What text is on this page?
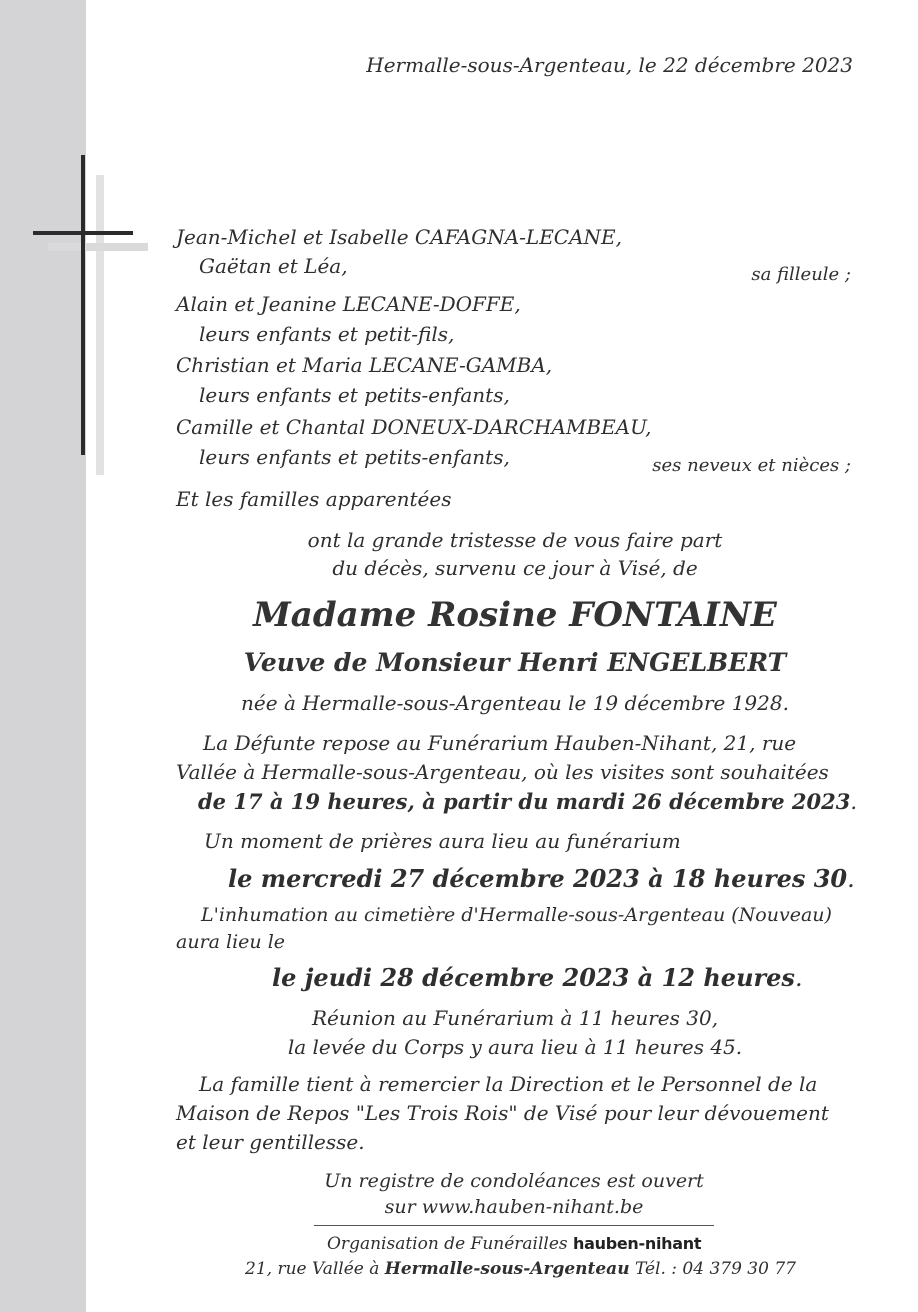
Hermalle-sous-Argenteau, le 22 décembre 2023
Jean-Michel et Isabelle CAFAGNA-LECANE,
Gaëtan et Léa,	sa filleule ;
Alain et Jeanine LECANE-DOFFE,
leurs enfants et petit-fils,
Christian et Maria LECANE-GAMBA,
leurs enfants et petits-enfants,
Camille et Chantal DONEUX-DARCHAMBEAU,
leurs enfants et petits-enfants,	ses neveux et nièces ;
Et les familles apparentées
ont la grande tristesse de vous faire part
du décès, survenu ce jour à Visé, de
Madame Rosine FONTAINE
Veuve de Monsieur Henri ENGELBERT
née à Hermalle-sous-Argenteau le 19 décembre 1928.
La Défunte repose au Funérarium Hauben-Nihant, 21, rue
Vallée à Hermalle-sous-Argenteau, où les visites sont souhaitées
de 17 à 19 heures, à partir du mardi 26 décembre 2023.
Un moment de prières aura lieu au funérarium
le mercredi 27 décembre 2023 à 18 heures 30.
L'inhumation au cimetière d'Hermalle-sous-Argenteau (Nouveau)
aura lieu le
le jeudi 28 décembre 2023 à 12 heures.
Réunion au Funérarium à 11 heures 30,
la levée du Corps y aura lieu à 11 heures 45.
La famille tient à remercier la Direction et le Personnel de la
Maison de Repos "Les Trois Rois" de Visé pour leur dévouement
et leur gentillesse.
Un registre de condoléances est ouvert
sur www.hauben-nihant.be
Organisation de Funérailles hauben-nihant
21, rue Vallée à Hermalle-sous-Argenteau Tél. : 04 379 30 77
